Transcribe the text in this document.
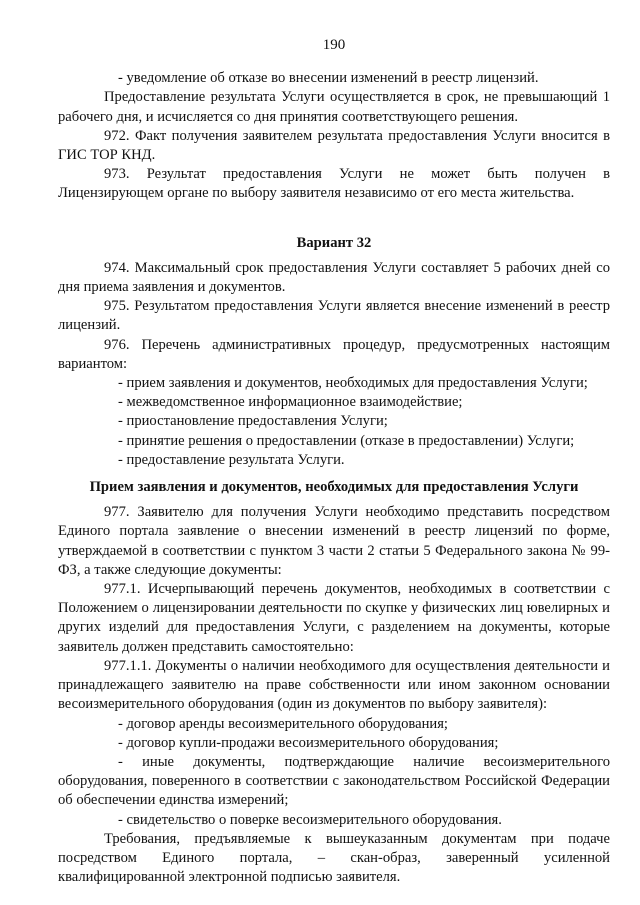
190

- уведомление об отказе во внесении изменений в реестр лицензий.

Предоставление результата Услуги осуществляется в срок, не превышающий 1 рабочего дня, и исчисляется со дня принятия соответствующего решения.

972. Факт получения заявителем результата предоставления Услуги вносится в ГИС ТОР КНД.

973. Результат предоставления Услуги не может быть получен в Лицензирующем органе по выбору заявителя независимо от его места жительства.

Вариант 32

974. Максимальный срок предоставления Услуги составляет 5 рабочих дней со дня приема заявления и документов.

975. Результатом предоставления Услуги является внесение изменений в реестр лицензий.

976. Перечень административных процедур, предусмотренных настоящим вариантом:

- прием заявления и документов, необходимых для предоставления Услуги;

- межведомственное информационное взаимодействие;

- приостановление предоставления Услуги;

- принятие решения о предоставлении (отказе в предоставлении) Услуги;

- предоставление результата Услуги.

Прием заявления и документов, необходимых для предоставления Услуги

977. Заявителю для получения Услуги необходимо представить посредством Единого портала заявление о внесении изменений в реестр лицензий по форме, утверждаемой в соответствии с пунктом 3 части 2 статьи 5 Федерального закона № 99-ФЗ, а также следующие документы:

977.1. Исчерпывающий перечень документов, необходимых в соответствии с Положением о лицензировании деятельности по скупке у физических лиц ювелирных и других изделий для предоставления Услуги, с разделением на документы, которые заявитель должен представить самостоятельно:

977.1.1. Документы о наличии необходимого для осуществления деятельности и принадлежащего заявителю на праве собственности или ином законном основании весоизмерительного оборудования (один из документов по выбору заявителя):

- договор аренды весоизмерительного оборудования;

- договор купли-продажи весоизмерительного оборудования;

- иные документы, подтверждающие наличие весоизмерительного оборудования, поверенного в соответствии с законодательством Российской Федерации об обеспечении единства измерений;

- свидетельство о поверке весоизмерительного оборудования.

Требования, предъявляемые к вышеуказанным документам при подаче посредством Единого портала, – скан-образ, заверенный усиленной квалифицированной электронной подписью заявителя.
